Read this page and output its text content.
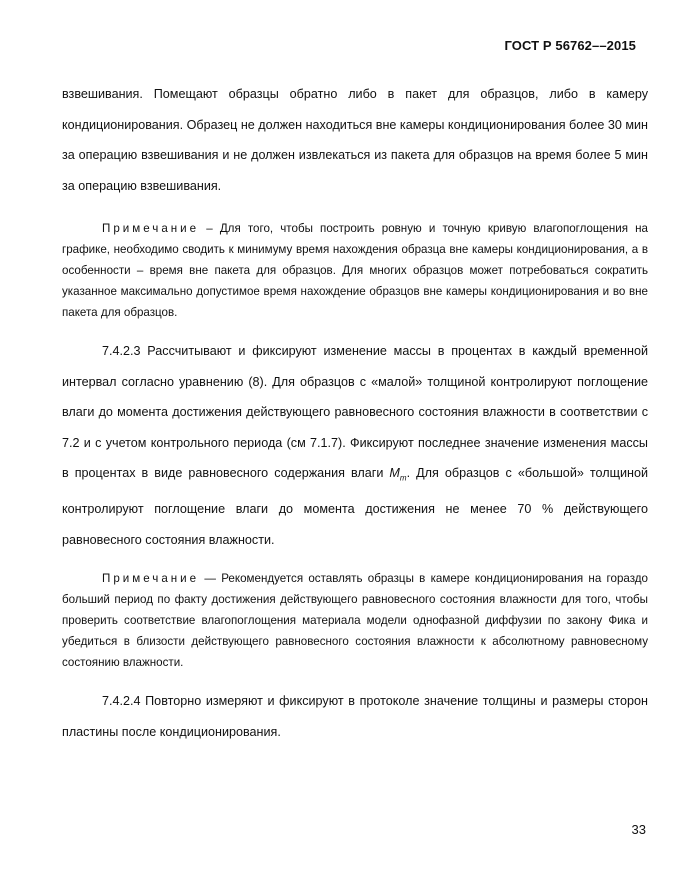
ГОСТ Р 56762––2015

взвешивания. Помещают образцы обратно либо в пакет для образцов, либо в камеру кондиционирования. Образец не должен находиться вне камеры кондиционирования более 30 мин за операцию взвешивания и не должен извлекаться из пакета для образцов на время более 5 мин за операцию взвешивания.

Примечание – Для того, чтобы построить ровную и точную кривую влагопоглощения на графике, необходимо сводить к минимуму время нахождения образца вне камеры кондиционирования, а в особенности – время вне пакета для образцов. Для многих образцов может потребоваться сократить указанное максимально допустимое время нахождение образцов вне камеры кондиционирования и во вне пакета для образцов.

7.4.2.3 Рассчитывают и фиксируют изменение массы в процентах в каждый временной интервал согласно уравнению (8). Для образцов с «малой» толщиной контролируют поглощение влаги до момента достижения действующего равновесного состояния влажности в соответствии с 7.2 и с учетом контрольного периода (см 7.1.7). Фиксируют последнее значение изменения массы в процентах в виде равновесного содержания влаги $M_m$. Для образцов с «большой» толщиной контролируют поглощение влаги до момента достижения не менее 70 % действующего равновесного состояния влажности.

Примечание — Рекомендуется оставлять образцы в камере кондиционирования на гораздо больший период по факту достижения действующего равновесного состояния влажности для того, чтобы проверить соответствие влагопоглощения материала модели однофазной диффузии по закону Фика и убедиться в близости действующего равновесного состояния влажности к абсолютному равновесному состоянию влажности.

7.4.2.4 Повторно измеряют и фиксируют в протоколе значение толщины и размеры сторон пластины после кондиционирования.

33
